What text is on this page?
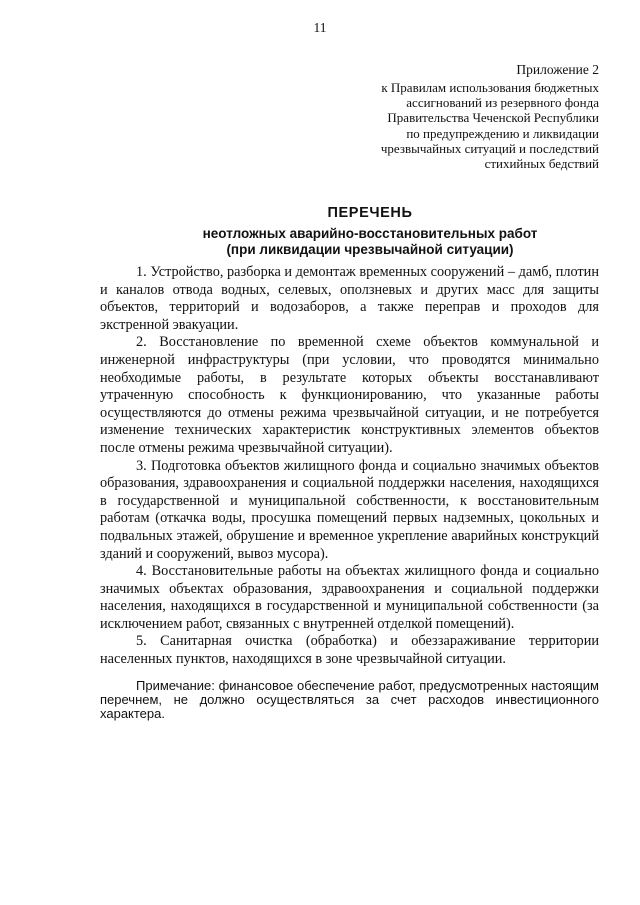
11
Приложение 2
к Правилам использования бюджетных
ассигнований из резервного фонда
Правительства Чеченской Республики
по предупреждению и ликвидации
чрезвычайных ситуаций и последствий
стихийных бедствий
ПЕРЕЧЕНЬ
неотложных аварийно-восстановительных работ
(при ликвидации чрезвычайной ситуации)

1. Устройство, разборка и демонтаж временных сооружений – дамб, плотин и каналов отвода водных, селевых, оползневых и других масс для защиты объектов, территорий и водозаборов, а также переправ и проходов для экстренной эвакуации.

2. Восстановление по временной схеме объектов коммунальной и инженерной инфраструктуры (при условии, что проводятся минимально необходимые работы, в результате которых объекты восстанавливают утраченную способность к функционированию, что указанные работы осуществляются до отмены режима чрезвычайной ситуации, и не потребуется изменение технических характеристик конструктивных элементов объектов после отмены режима чрезвычайной ситуации).

3. Подготовка объектов жилищного фонда и социально значимых объектов образования, здравоохранения и социальной поддержки населения, находящихся в государственной и муниципальной собственности, к восстановительным работам (откачка воды, просушка помещений первых надземных, цокольных и подвальных этажей, обрушение и временное укрепление аварийных конструкций зданий и сооружений, вывоз мусора).

4. Восстановительные работы на объектах жилищного фонда и социально значимых объектах образования, здравоохранения и социальной поддержки населения, находящихся в государственной и муниципальной собственности (за исключением работ, связанных с внутренней отделкой помещений).

5. Санитарная очистка (обработка) и обеззараживание территории населенных пунктов, находящихся в зоне чрезвычайной ситуации.

Примечание: финансовое обеспечение работ, предусмотренных настоящим перечнем, не должно осуществляться за счет расходов инвестиционного характера.
